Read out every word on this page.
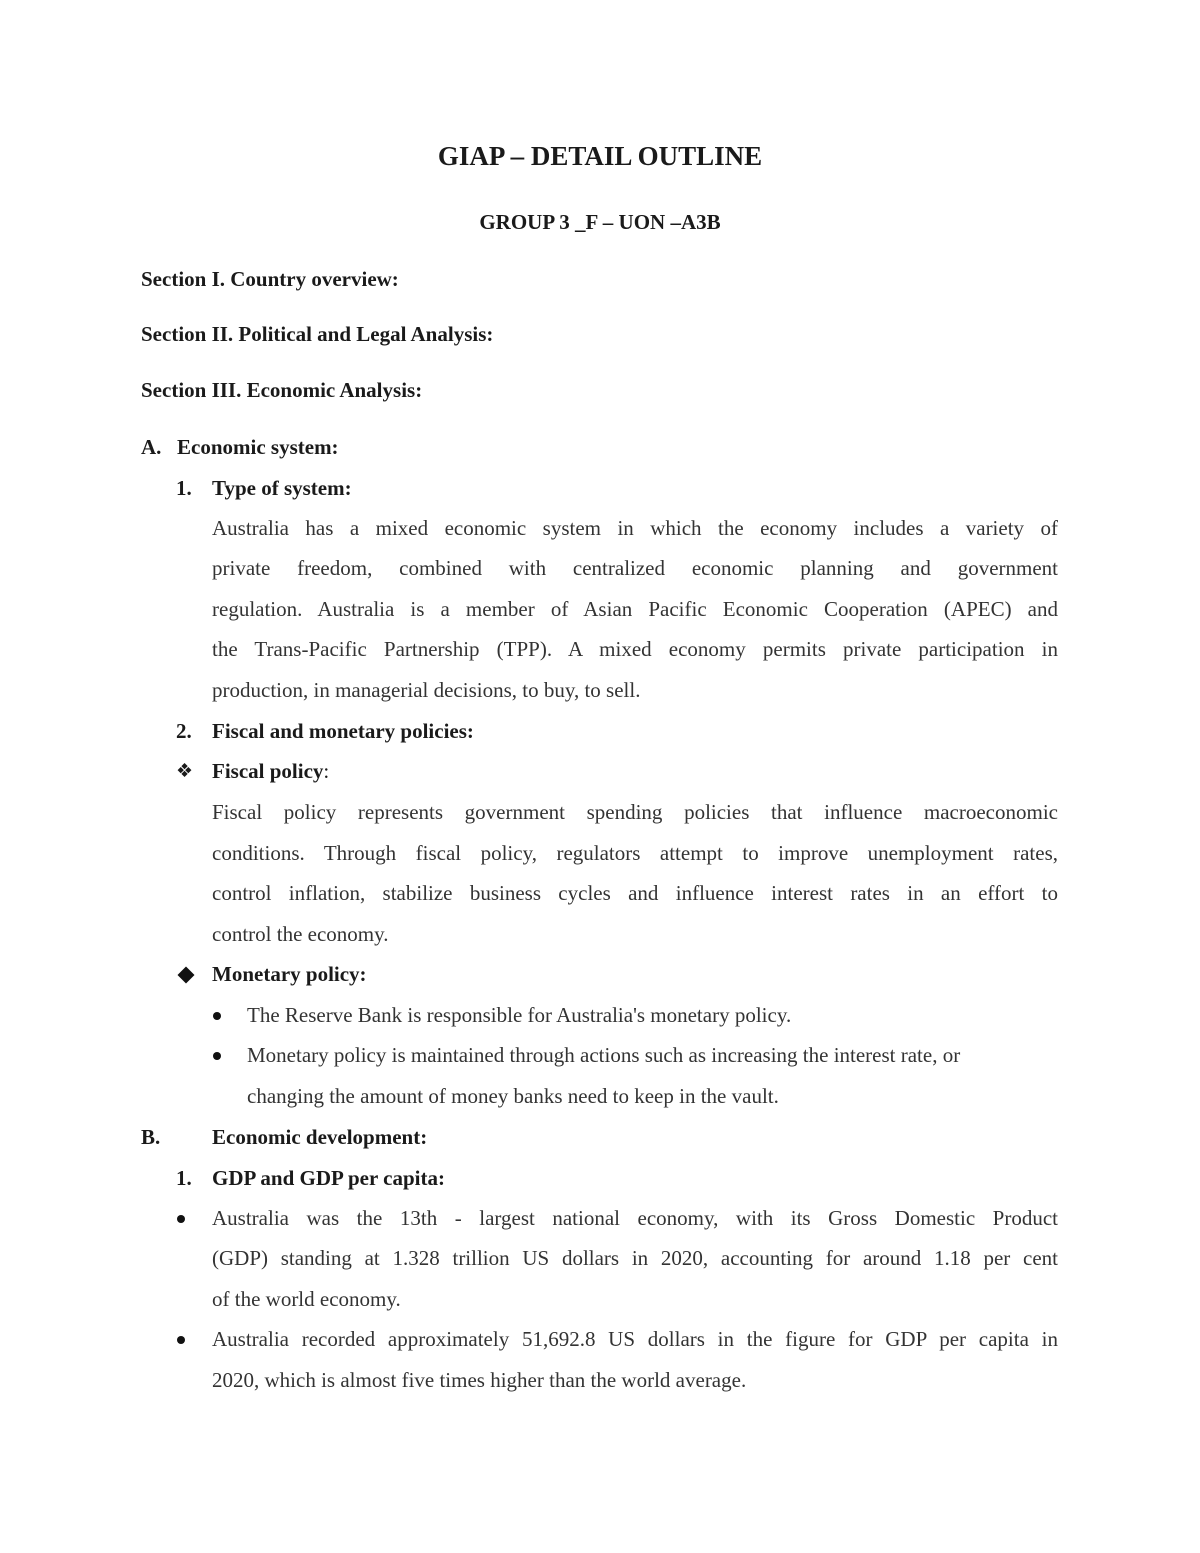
GIAP – DETAIL OUTLINE
GROUP 3 _F – UON –A3B
Section I. Country overview:
Section II. Political and Legal Analysis:
Section III. Economic Analysis:
A. Economic system:
1. Type of system:
Australia has a mixed economic system in which the economy includes a variety of
private freedom, combined with centralized economic planning and government
regulation. Australia is a member of Asian Pacific Economic Cooperation (APEC) and
the Trans-Pacific Partnership (TPP). A mixed economy permits private participation in
production, in managerial decisions, to buy, to sell.
2. Fiscal and monetary policies:
❖ Fiscal policy:
Fiscal policy represents government spending policies that influence macroeconomic
conditions. Through fiscal policy, regulators attempt to improve unemployment rates,
control inflation, stabilize business cycles and influence interest rates in an effort to
control the economy.
Monetary policy:
The Reserve Bank is responsible for Australia's monetary policy.
Monetary policy is maintained through actions such as increasing the interest rate, or
changing the amount of money banks need to keep in the vault.
B. Economic development:
1. GDP and GDP per capita:
Australia was the 13th - largest national economy, with its Gross Domestic Product
(GDP) standing at 1.328 trillion US dollars in 2020, accounting for around 1.18 per cent
of the world economy.
Australia recorded approximately 51,692.8 US dollars in the figure for GDP per capita in
2020, which is almost five times higher than the world average.
